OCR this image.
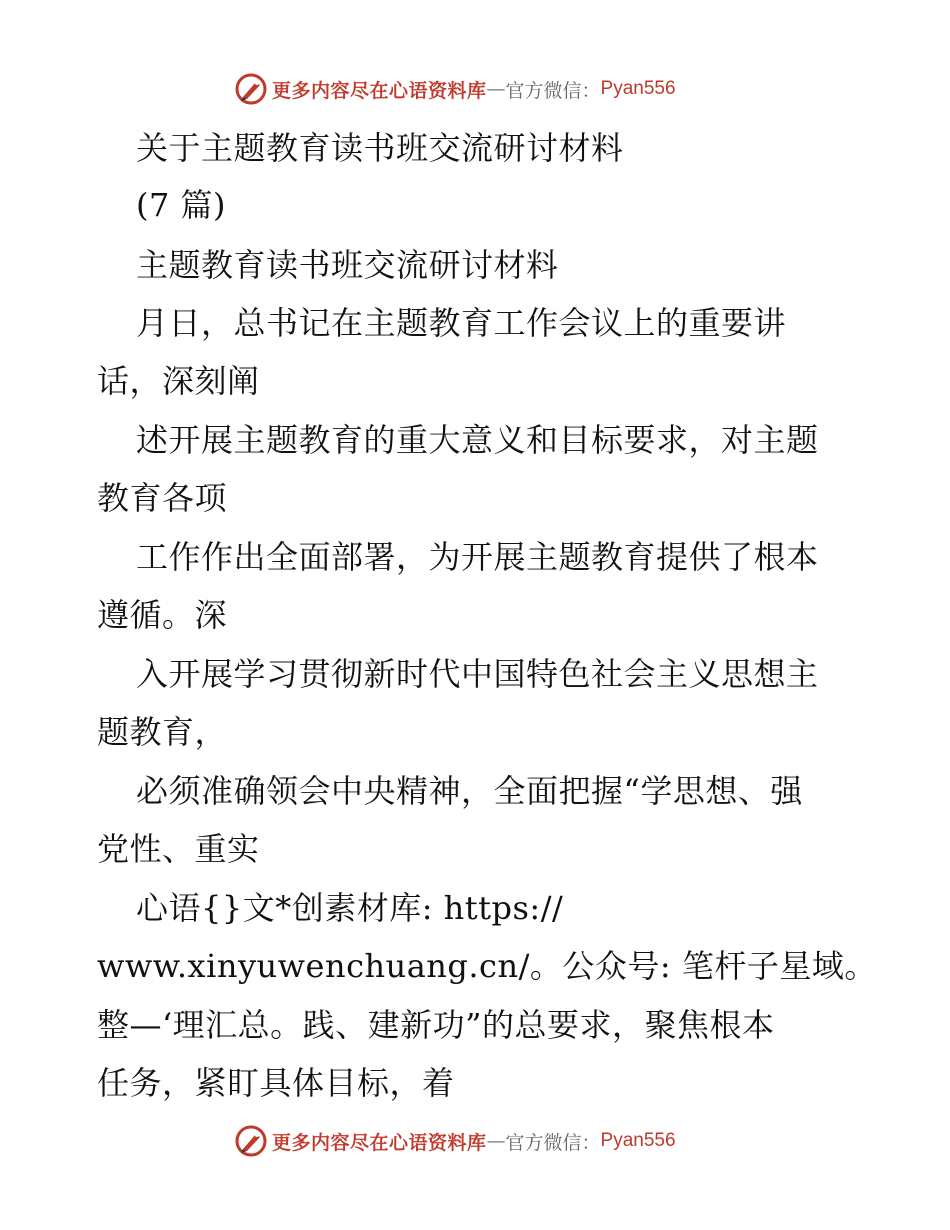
更多内容尽在心语资料库 — 官方微信： Pyan556
关于主题教育读书班交流研讨材料
(7 篇)
主题教育读书班交流研讨材料
月日，总书记在主题教育工作会议上的重要讲
话，深刻阐
述开展主题教育的重大意义和目标要求，对主题
教育各项
工作作出全面部署，为开展主题教育提供了根本
遵循。深
入开展学习贯彻新时代中国特色社会主义思想主
题教育，
必须准确领会中央精神，全面把握“学思想、强
党性、重实
心语{}文*创素材库: https://
www.xinyuwenchuang.cn/。公众号: 笔杆子星域。
整—‘理汇总。践、建新功”的总要求，聚焦根本
任务，紧盯具体目标，着
更多内容尽在心语资料库 — 官方微信： Pyan556
